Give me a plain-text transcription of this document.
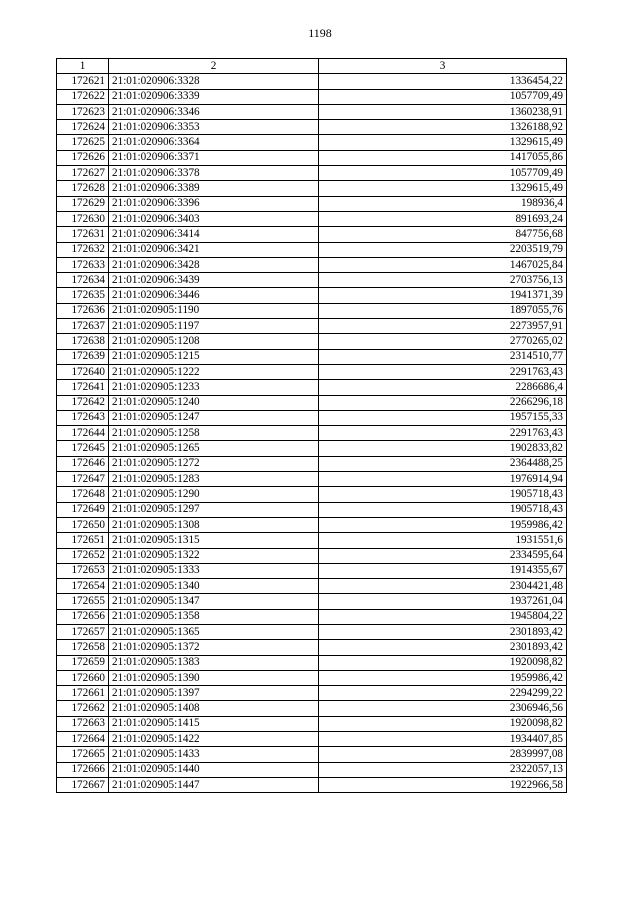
1198
1	2	3
172621	21:01:020906:3328	1336454,22
172622	21:01:020906:3339	1057709,49
172623	21:01:020906:3346	1360238,91
172624	21:01:020906:3353	1326188,92
172625	21:01:020906:3364	1329615,49
172626	21:01:020906:3371	1417055,86
172627	21:01:020906:3378	1057709,49
172628	21:01:020906:3389	1329615,49
172629	21:01:020906:3396	198936,4
172630	21:01:020906:3403	891693,24
172631	21:01:020906:3414	847756,68
172632	21:01:020906:3421	2203519,79
172633	21:01:020906:3428	1467025,84
172634	21:01:020906:3439	2703756,13
172635	21:01:020906:3446	1941371,39
172636	21:01:020905:1190	1897055,76
172637	21:01:020905:1197	2273957,91
172638	21:01:020905:1208	2770265,02
172639	21:01:020905:1215	2314510,77
172640	21:01:020905:1222	2291763,43
172641	21:01:020905:1233	2286686,4
172642	21:01:020905:1240	2266296,18
172643	21:01:020905:1247	1957155,33
172644	21:01:020905:1258	2291763,43
172645	21:01:020905:1265	1902833,82
172646	21:01:020905:1272	2364488,25
172647	21:01:020905:1283	1976914,94
172648	21:01:020905:1290	1905718,43
172649	21:01:020905:1297	1905718,43
172650	21:01:020905:1308	1959986,42
172651	21:01:020905:1315	1931551,6
172652	21:01:020905:1322	2334595,64
172653	21:01:020905:1333	1914355,67
172654	21:01:020905:1340	2304421,48
172655	21:01:020905:1347	1937261,04
172656	21:01:020905:1358	1945804,22
172657	21:01:020905:1365	2301893,42
172658	21:01:020905:1372	2301893,42
172659	21:01:020905:1383	1920098,82
172660	21:01:020905:1390	1959986,42
172661	21:01:020905:1397	2294299,22
172662	21:01:020905:1408	2306946,56
172663	21:01:020905:1415	1920098,82
172664	21:01:020905:1422	1934407,85
172665	21:01:020905:1433	2839997,08
172666	21:01:020905:1440	2322057,13
172667	21:01:020905:1447	1922966,58
